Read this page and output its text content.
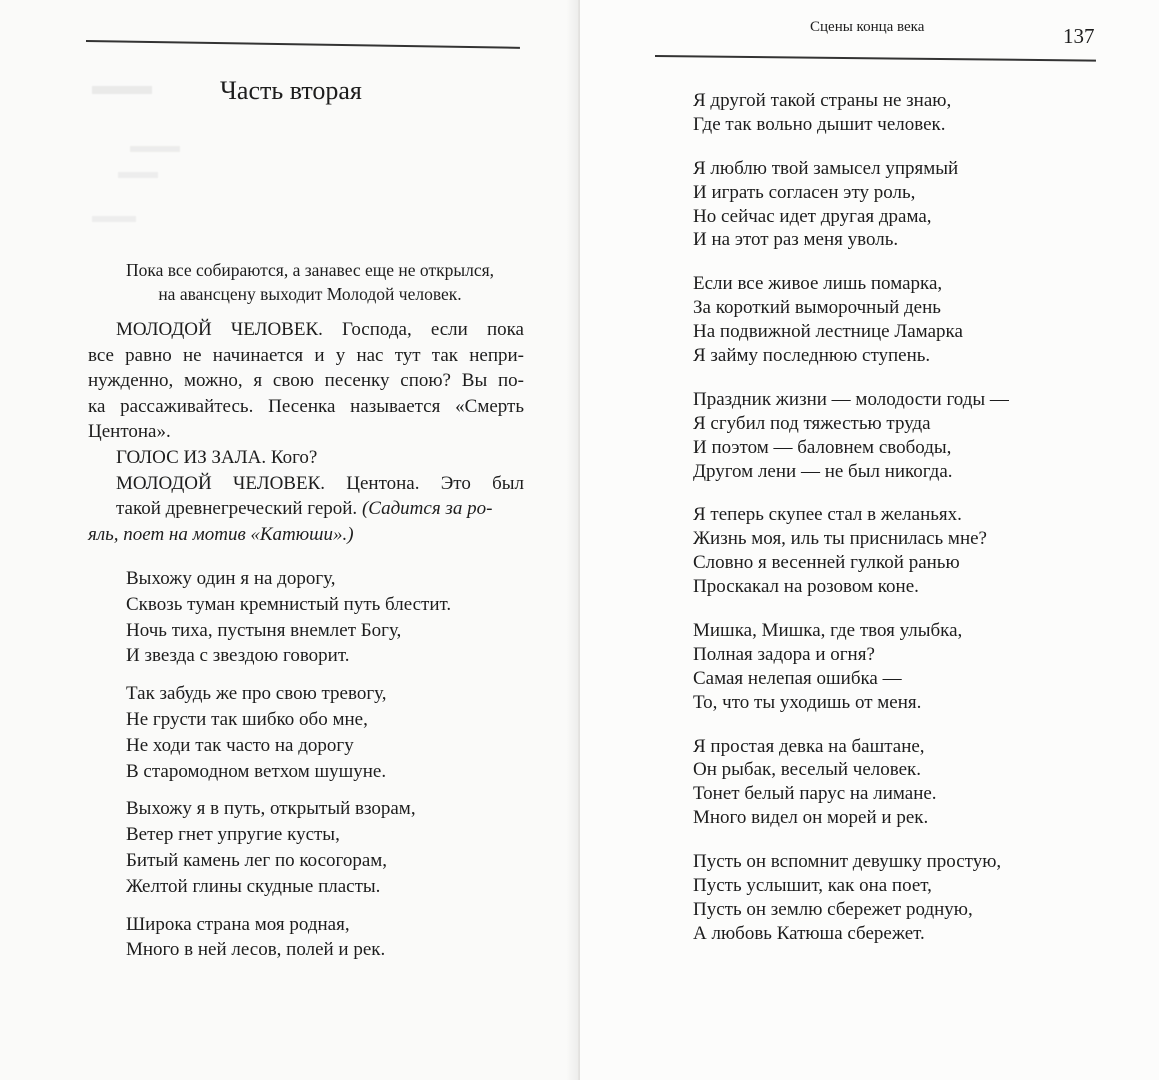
Часть вторая
Пока все собираются, а занавес еще не открылся,
на авансцену выходит Молодой человек.
МОЛОДОЙ ЧЕЛОВЕК. Господа, если пока
все равно не начинается и у нас тут так непри-
нужденно, можно, я свою песенку спою? Вы по-
ка рассаживайтесь. Песенка называется «Смерть
Центона».
ГОЛОС ИЗ ЗАЛА. Кого?
МОЛОДОЙ ЧЕЛОВЕК. Центона. Это был
такой древнегреческий герой. (Садится за ро-
яль, поет на мотив «Катюши».)
Выхожу один я на дорогу,
Сквозь туман кремнистый путь блестит.
Ночь тиха, пустыня внемлет Богу,
И звезда с звездою говорит.
Так забудь же про свою тревогу,
Не грусти так шибко обо мне,
Не ходи так часто на дорогу
В старомодном ветхом шушуне.
Выхожу я в путь, открытый взорам,
Ветер гнет упругие кусты,
Битый камень лег по косогорам,
Желтой глины скудные пласты.
Широка страна моя родная,
Много в ней лесов, полей и рек.
Сцены конца века	137
Я другой такой страны не знаю,
Где так вольно дышит человек.
Я люблю твой замысел упрямый
И играть согласен эту роль,
Но сейчас идет другая драма,
И на этот раз меня уволь.
Если все живое лишь помарка,
За короткий выморочный день
На подвижной лестнице Ламарка
Я займу последнюю ступень.
Праздник жизни — молодости годы —
Я сгубил под тяжестью труда
И поэтом — баловнем свободы,
Другом лени — не был никогда.
Я теперь скупее стал в желаньях.
Жизнь моя, иль ты приснилась мне?
Словно я весенней гулкой ранью
Проскакал на розовом коне.
Мишка, Мишка, где твоя улыбка,
Полная задора и огня?
Самая нелепая ошибка —
То, что ты уходишь от меня.
Я простая девка на баштане,
Он рыбак, веселый человек.
Тонет белый парус на лимане.
Много видел он морей и рек.
Пусть он вспомнит девушку простую,
Пусть услышит, как она поет,
Пусть он землю сбережет родную,
А любовь Катюша сбережет.
